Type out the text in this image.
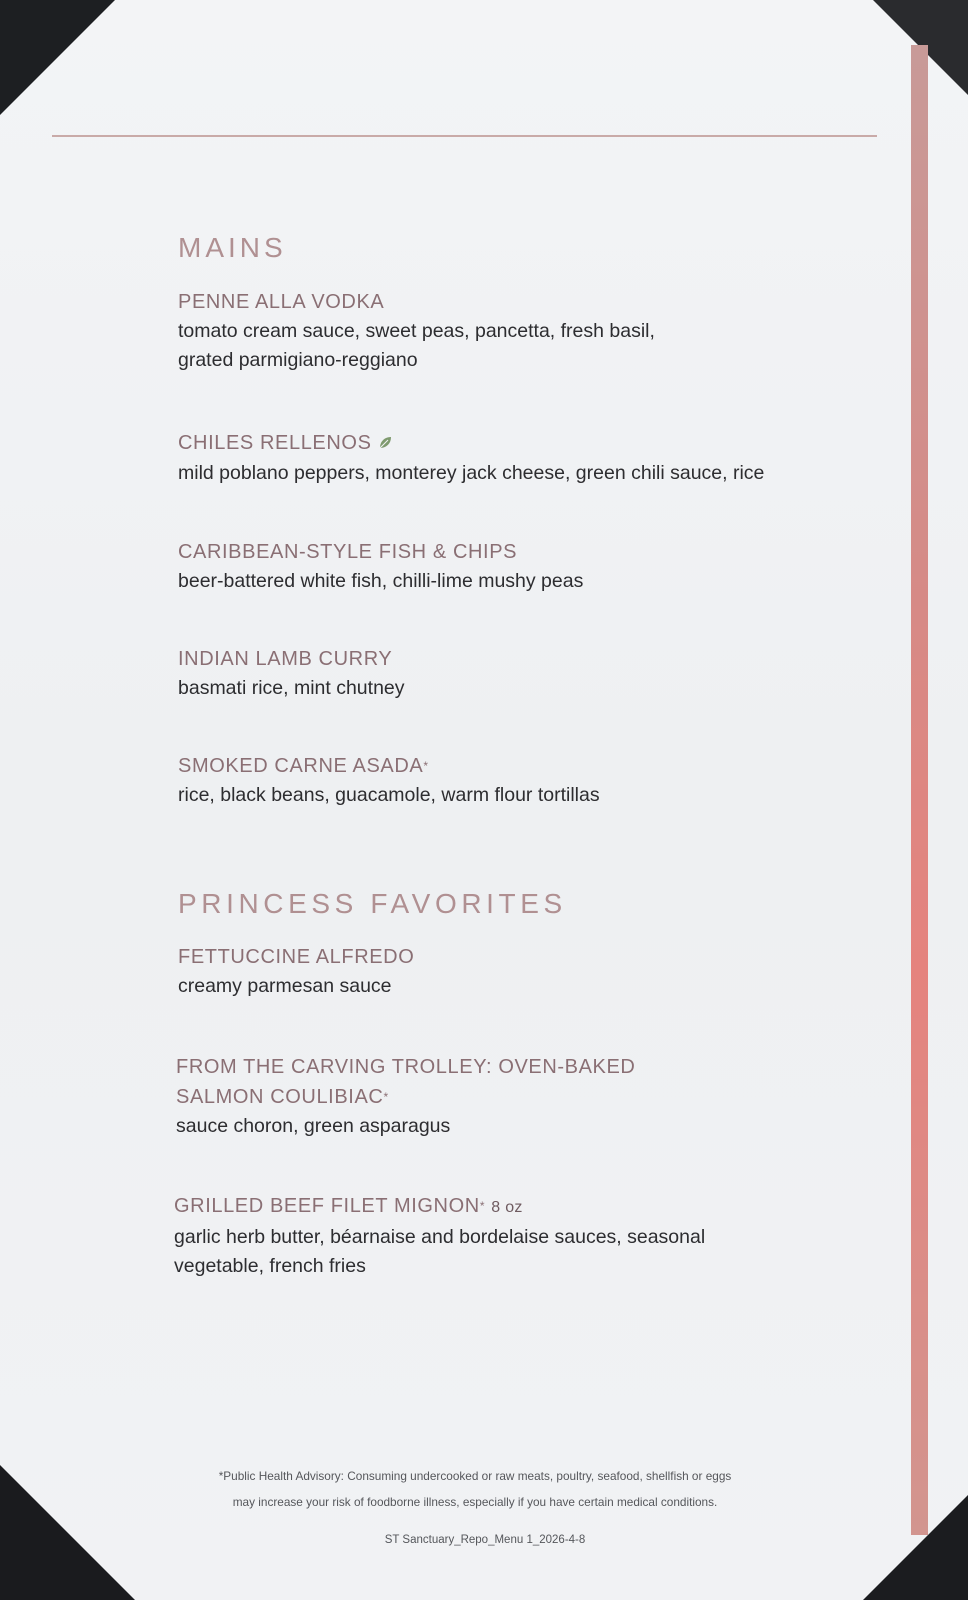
MAINS
PENNE ALLA VODKA
tomato cream sauce, sweet peas, pancetta, fresh basil,
grated parmigiano-reggiano
CHILES RELLENOS
mild poblano peppers, monterey jack cheese, green chili sauce, rice
CARIBBEAN-STYLE FISH & CHIPS
beer-battered white fish, chilli-lime mushy peas
INDIAN LAMB CURRY
basmati rice, mint chutney
SMOKED CARNE ASADA*
rice, black beans, guacamole, warm flour tortillas
PRINCESS FAVORITES
FETTUCCINE ALFREDO
creamy parmesan sauce
FROM THE CARVING TROLLEY: OVEN-BAKED
SALMON COULIBIAC*
sauce choron, green asparagus
GRILLED BEEF FILET MIGNON* 8 oz
garlic herb butter, béarnaise and bordelaise sauces, seasonal
vegetable, french fries
*Public Health Advisory: Consuming undercooked or raw meats, poultry, seafood, shellfish or eggs
may increase your risk of foodborne illness, especially if you have certain medical conditions.
ST Sanctuary_Repo_Menu 1_2026-4-8
